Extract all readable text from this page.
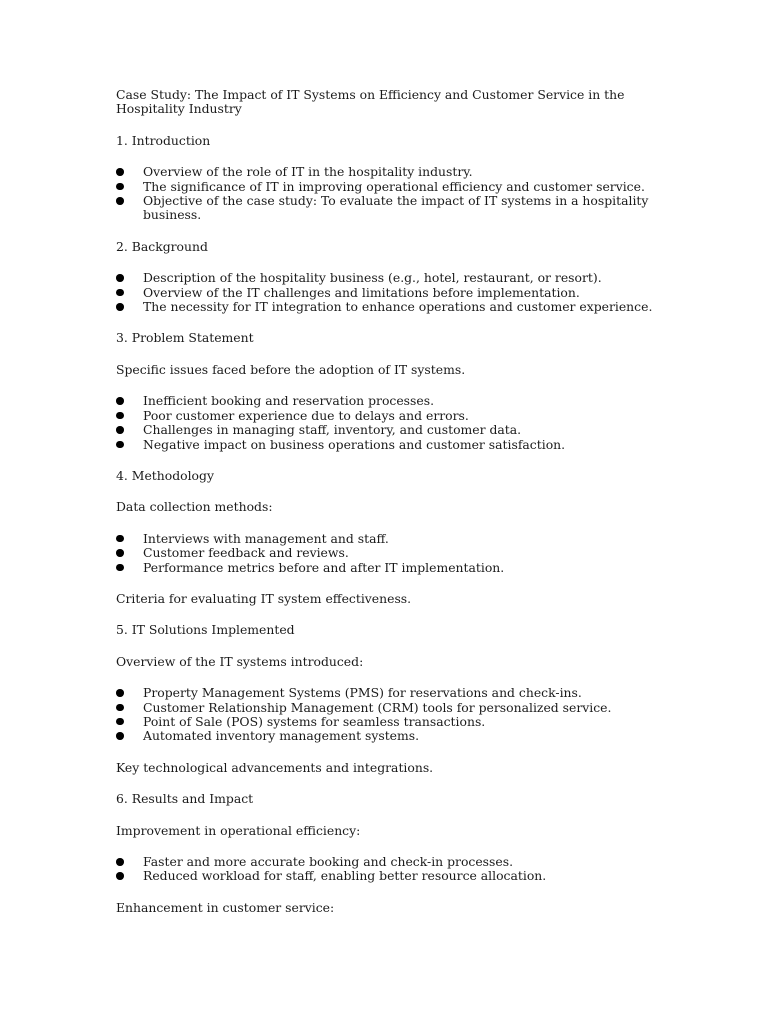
Case Study: The Impact of IT Systems on Efficiency and Customer Service in the Hospitality Industry
1. Introduction
Overview of the role of IT in the hospitality industry.
The significance of IT in improving operational efficiency and customer service.
Objective of the case study: To evaluate the impact of IT systems in a hospitality business.
2. Background
Description of the hospitality business (e.g., hotel, restaurant, or resort).
Overview of the IT challenges and limitations before implementation.
The necessity for IT integration to enhance operations and customer experience.
3. Problem Statement

Specific issues faced before the adoption of IT systems.

Inefficient booking and reservation processes.
Poor customer experience due to delays and errors.
Challenges in managing staff, inventory, and customer data.
Negative impact on business operations and customer satisfaction.
4. Methodology

Data collection methods:

Interviews with management and staff.
Customer feedback and reviews.
Performance metrics before and after IT implementation.

Criteria for evaluating IT system effectiveness.

5. IT Solutions Implemented

Overview of the IT systems introduced:

Property Management Systems (PMS) for reservations and check-ins.
Customer Relationship Management (CRM) tools for personalized service.
Point of Sale (POS) systems for seamless transactions.
Automated inventory management systems.

Key technological advancements and integrations.

6. Results and Impact

Improvement in operational efficiency:

Faster and more accurate booking and check-in processes.
Reduced workload for staff, enabling better resource allocation.

Enhancement in customer service:
